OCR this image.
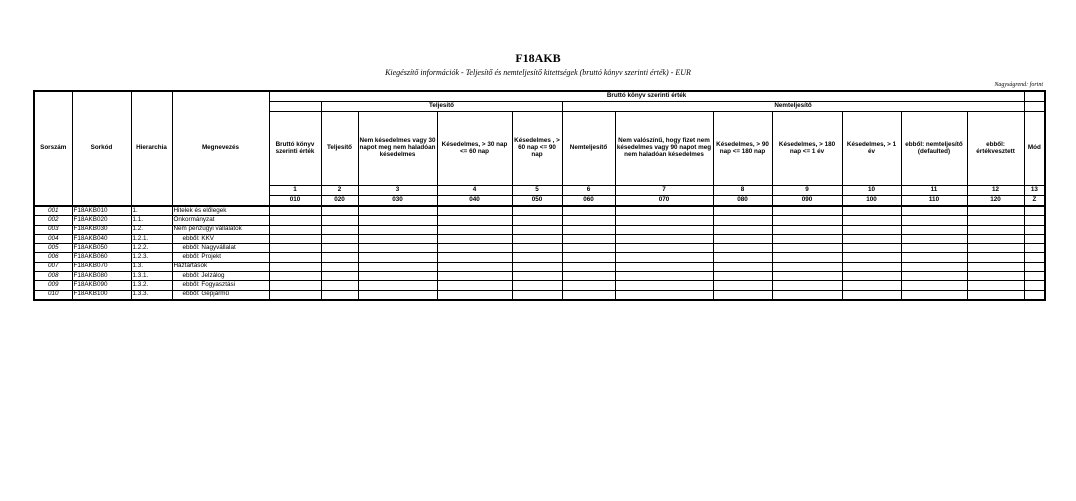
F18AKB
Kiegészítő információk - Teljesítő és nemteljesítő kitettségek (bruttó könyv szerinti érték) - EUR
Nagyságrend: forint
Sorszám	Sorkód	Hierarchia	Megnevezés	Bruttó könyv szerinti érték												
					Teljesítő				Nemteljesítő							
				Bruttó könyv szerinti érték	Teljesítő	Nem késedelmes vagy 30 napot meg nem haladóan késedelmes	Késedelmes, > 30 nap <= 60 nap	Késedelmes , > 60 nap <= 90 nap	Nemteljesítő	Nem valószínű, hogy fizet nem késedelmes vagy 90 napot meg nem haladóan késedelmes	Késedelmes, > 90 nap <= 180 nap	Késedelmes, > 180 nap <= 1 év	Késedelmes, > 1 év	ebből: nemteljesítő (defaulted)	ebből: értékvesztett	Mód
				1	2	3	4	5	6	7	8	9	10	11	12	13
				010	020	030	040	050	060	070	080	090	100	110	120	Z
001	F18AKB010	1.	Hitelek és előlegek													
002	F18AKB020	1.1.	Önkormányzat													
003	F18AKB030	1.2.	Nem pénzügyi vállalatok													
004	F18AKB040	1.2.1.	ebből: KKV													
005	F18AKB050	1.2.2.	ebből: Nagyvállalat													
006	F18AKB060	1.2.3.	ebből: Projekt													
007	F18AKB070	1.3.	Háztartások													
008	F18AKB080	1.3.1.	ebből: Jelzálog													
009	F18AKB090	1.3.2.	ebből: Fogyasztási													
010	F18AKB100	1.3.3.	ebből: Gépjármű													
